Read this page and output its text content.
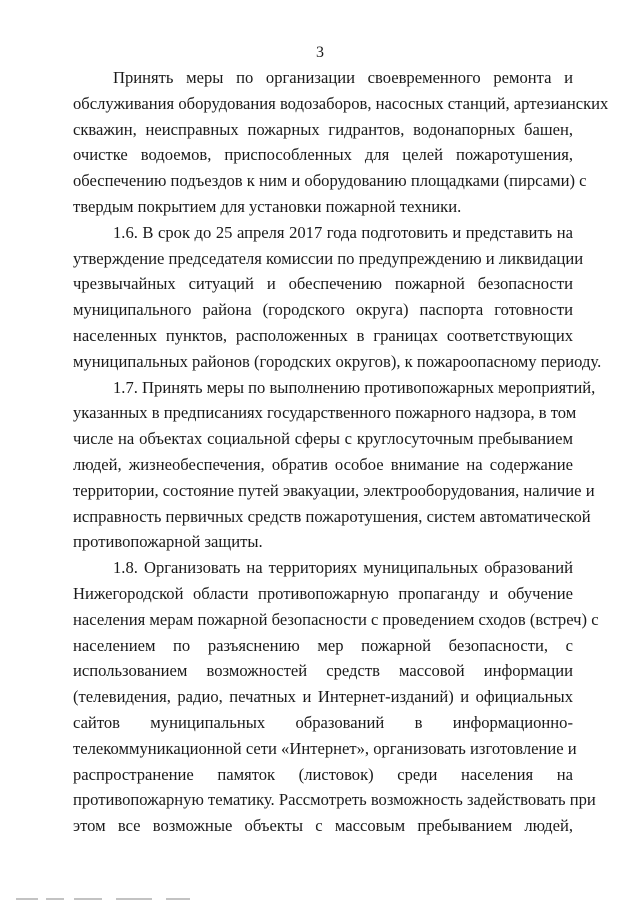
3

Принять меры по организации своевременного ремонта и
обслуживания оборудования водозаборов, насосных станций, артезианских
скважин, неисправных пожарных гидрантов, водонапорных башен,
очистке водоемов, приспособленных для целей пожаротушения,
обеспечению подъездов к ним и оборудованию площадками (пирсами) с
твердым покрытием для установки пожарной техники.

1.6. В срок до 25 апреля 2017 года подготовить и представить на
утверждение председателя комиссии по предупреждению и ликвидации
чрезвычайных ситуаций и обеспечению пожарной безопасности
муниципального района (городского округа) паспорта готовности
населенных пунктов, расположенных в границах соответствующих
муниципальных районов (городских округов), к пожароопасному периоду.

1.7. Принять меры по выполнению противопожарных мероприятий,
указанных в предписаниях государственного пожарного надзора, в том
числе на объектах социальной сферы с круглосуточным пребыванием
людей, жизнеобеспечения, обратив особое внимание на содержание
территории, состояние путей эвакуации, электрооборудования, наличие и
исправность первичных средств пожаротушения, систем автоматической
противопожарной защиты.

1.8. Организовать на территориях муниципальных образований
Нижегородской области противопожарную пропаганду и обучение
населения мерам пожарной безопасности с проведением сходов (встреч) с
населением по разъяснению мер пожарной безопасности, с
использованием возможностей средств массовой информации
(телевидения, радио, печатных и Интернет-изданий) и официальных
сайтов муниципальных образований в информационно-
телекоммуникационной сети «Интернет», организовать изготовление и
распространение памяток (листовок) среди населения на
противопожарную тематику. Рассмотреть возможность задействовать при
этом все возможные объекты с массовым пребыванием людей,
